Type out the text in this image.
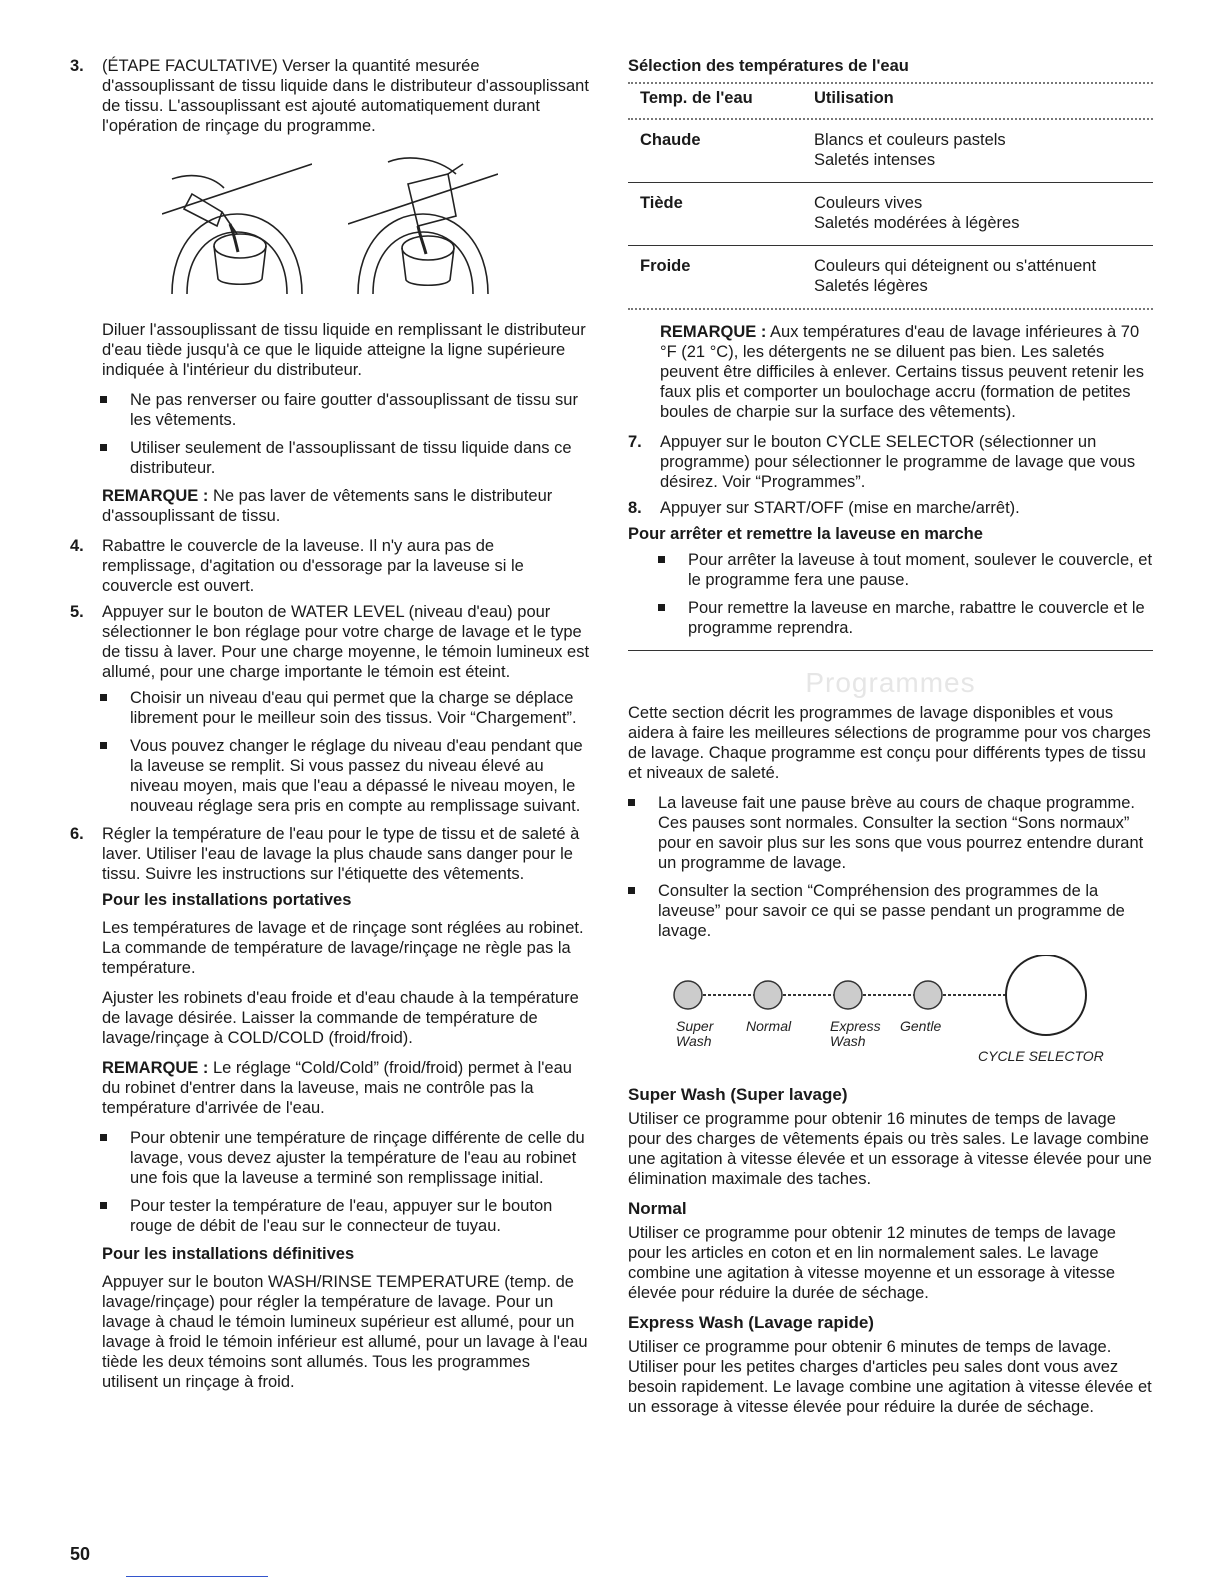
3. (ÉTAPE FACULTATIVE) Verser la quantité mesurée d'assouplissant de tissu liquide dans le distributeur d'assouplissant de tissu. L'assouplissant est ajouté automatiquement durant l'opération de rinçage du programme.

Diluer l'assouplissant de tissu liquide en remplissant le distributeur d'eau tiède jusqu'à ce que le liquide atteigne la ligne supérieure indiquée à l'intérieur du distributeur.

Ne pas renverser ou faire goutter d'assouplissant de tissu sur les vêtements.
Utiliser seulement de l'assouplissant de tissu liquide dans ce distributeur.

REMARQUE : Ne pas laver de vêtements sans le distributeur d'assouplissant de tissu.

4. Rabattre le couvercle de la laveuse. Il n'y aura pas de remplissage, d'agitation ou d'essorage par la laveuse si le couvercle est ouvert.
5. Appuyer sur le bouton de WATER LEVEL (niveau d'eau) pour sélectionner le bon réglage pour votre charge de lavage et le type de tissu à laver. Pour une charge moyenne, le témoin lumineux est allumé, pour une charge importante le témoin est éteint.
Choisir un niveau d'eau qui permet que la charge se déplace librement pour le meilleur soin des tissus. Voir “Chargement”.
Vous pouvez changer le réglage du niveau d'eau pendant que la laveuse se remplit. Si vous passez du niveau élevé au niveau moyen, mais que l'eau a dépassé le niveau moyen, le nouveau réglage sera pris en compte au remplissage suivant.
6. Régler la température de l'eau pour le type de tissu et de saleté à laver. Utiliser l'eau de lavage la plus chaude sans danger pour le tissu. Suivre les instructions sur l'étiquette des vêtements.
Pour les installations portatives

Les températures de lavage et de rinçage sont réglées au robinet. La commande de température de lavage/rinçage ne règle pas la température.

Ajuster les robinets d'eau froide et d'eau chaude à la température de lavage désirée. Laisser la commande de température de lavage/rinçage à COLD/COLD (froid/froid).

REMARQUE : Le réglage “Cold/Cold” (froid/froid) permet à l'eau du robinet d'entrer dans la laveuse, mais ne contrôle pas la température d'arrivée de l'eau.

Pour obtenir une température de rinçage différente de celle du lavage, vous devez ajuster la température de l'eau au robinet une fois que la laveuse a terminé son remplissage initial.
Pour tester la température de l'eau, appuyer sur le bouton rouge de débit de l'eau sur le connecteur de tuyau.
Pour les installations définitives

Appuyer sur le bouton WASH/RINSE TEMPERATURE (temp. de lavage/rinçage) pour régler la température de lavage. Pour un lavage à chaud le témoin lumineux supérieur est allumé, pour un lavage à froid le témoin inférieur est allumé, pour un lavage à l'eau tiède les deux témoins sont allumés. Tous les programmes utilisent un rinçage à froid.

Sélection des températures de l'eau
Temp. de l'eau	Utilisation

Chaude	Blancs et couleurs pastels
Saletés intenses

Tiède	Couleurs vives
Saletés modérées à légères

Froide	Couleurs qui déteignent ou s'atténuent
Saletés légères

REMARQUE : Aux températures d'eau de lavage inférieures à 70 °F (21 °C), les détergents ne se diluent pas bien. Les saletés peuvent être difficiles à enlever. Certains tissus peuvent retenir les faux plis et comporter un boulochage accru (formation de petites boules de charpie sur la surface des vêtements).

7. Appuyer sur le bouton CYCLE SELECTOR (sélectionner un programme) pour sélectionner le programme de lavage que vous désirez. Voir “Programmes”.
8. Appuyer sur START/OFF (mise en marche/arrêt).
Pour arrêter et remettre la laveuse en marche
Pour arrêter la laveuse à tout moment, soulever le couvercle, et le programme fera une pause.
Pour remettre la laveuse en marche, rabattre le couvercle et le programme reprendra.
Programmes

Cette section décrit les programmes de lavage disponibles et vous aidera à faire les meilleures sélections de programme pour vos charges de lavage. Chaque programme est conçu pour différents types de tissu et niveaux de saleté.

La laveuse fait une pause brève au cours de chaque programme. Ces pauses sont normales. Consulter la section “Sons normaux” pour en savoir plus sur les sons que vous pourrez entendre durant un programme de lavage.
Consulter la section “Compréhension des programmes de la laveuse” pour savoir ce qui se passe pendant un programme de lavage.
Super
Wash
Normal	Express
Wash
Gentle
CYCLE SELECTOR
Super Wash (Super lavage)

Utiliser ce programme pour obtenir 16 minutes de temps de lavage pour des charges de vêtements épais ou très sales. Le lavage combine une agitation à vitesse élevée et un essorage à vitesse élevée pour une élimination maximale des taches.

Normal

Utiliser ce programme pour obtenir 12 minutes de temps de lavage pour les articles en coton et en lin normalement sales. Le lavage combine une agitation à vitesse moyenne et un essorage à vitesse élevée pour réduire la durée de séchage.

Express Wash (Lavage rapide)

Utiliser ce programme pour obtenir 6 minutes de temps de lavage. Utiliser pour les petites charges d'articles peu sales dont vous avez besoin rapidement. Le lavage combine une agitation à vitesse élevée et un essorage à vitesse élevée pour réduire la durée de séchage.

50
